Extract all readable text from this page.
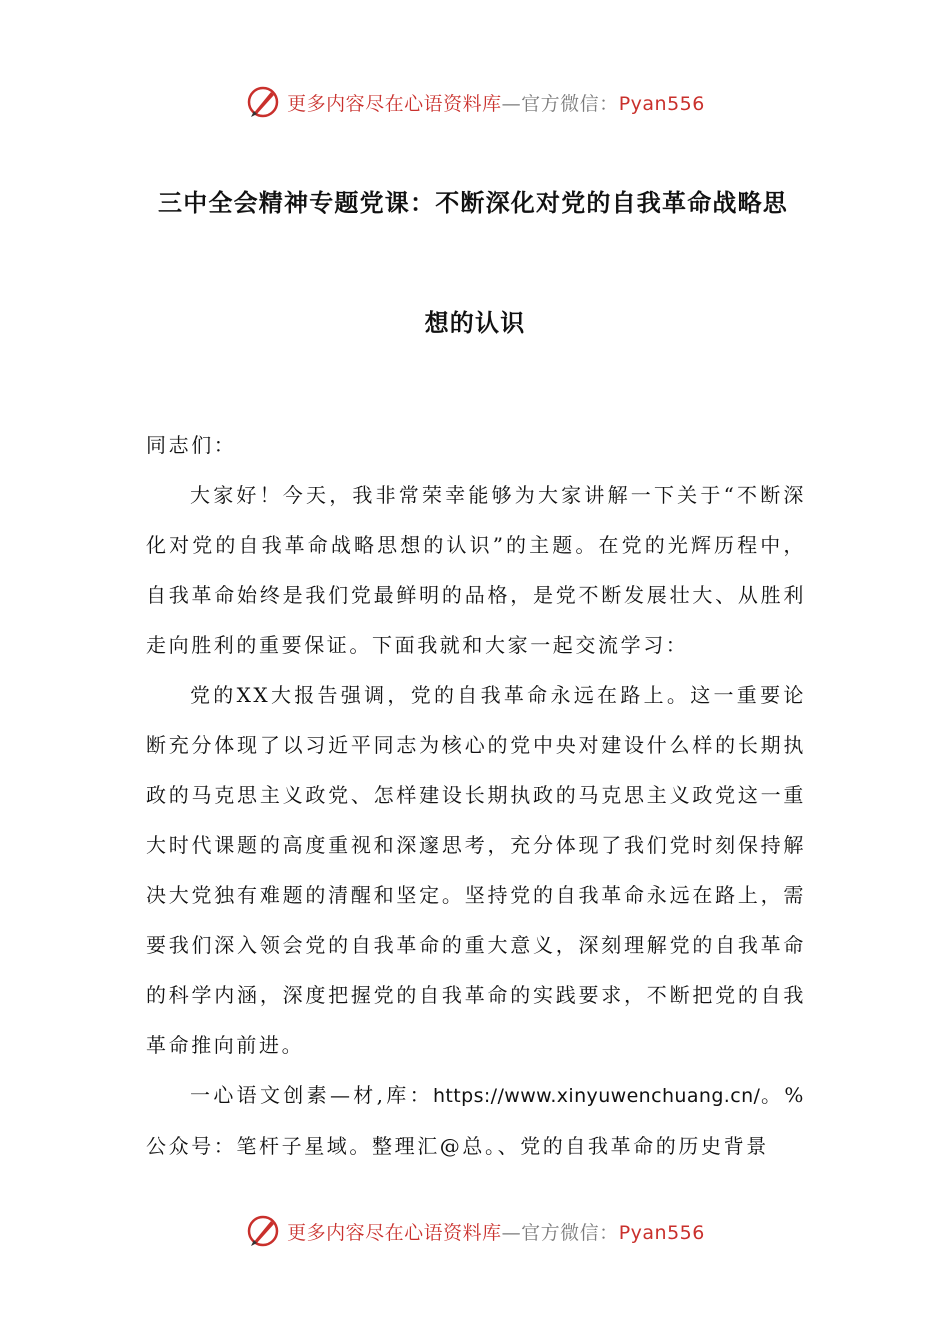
更多内容尽在心语资料库—官方微信：Pyan556
三中全会精神专题党课：不断深化对党的自我革命战略思
想的认识

同志们：

大家好！今天，我非常荣幸能够为大家讲解一下关于“不断深化对党的自我革命战略思想的认识”的主题。在党的光辉历程中，自我革命始终是我们党最鲜明的品格，是党不断发展壮大、从胜利走向胜利的重要保证。下面我就和大家一起交流学习：

党的XX大报告强调，党的自我革命永远在路上。这一重要论断充分体现了以习近平同志为核心的党中央对建设什么样的长期执政的马克思主义政党、怎样建设长期执政的马克思主义政党这一重大时代课题的高度重视和深邃思考，充分体现了我们党时刻保持解决大党独有难题的清醒和坚定。坚持党的自我革命永远在路上，需要我们深入领会党的自我革命的重大意义，深刻理解党的自我革命的科学内涵，深度把握党的自我革命的实践要求，不断把党的自我革命推向前进。

一心语文创素—材,库：https://www.xinyuwenchuang.cn/。%公众号：笔杆子星域。整理汇@总。、党的自我革命的历史背景

更多内容尽在心语资料库—官方微信：Pyan556
